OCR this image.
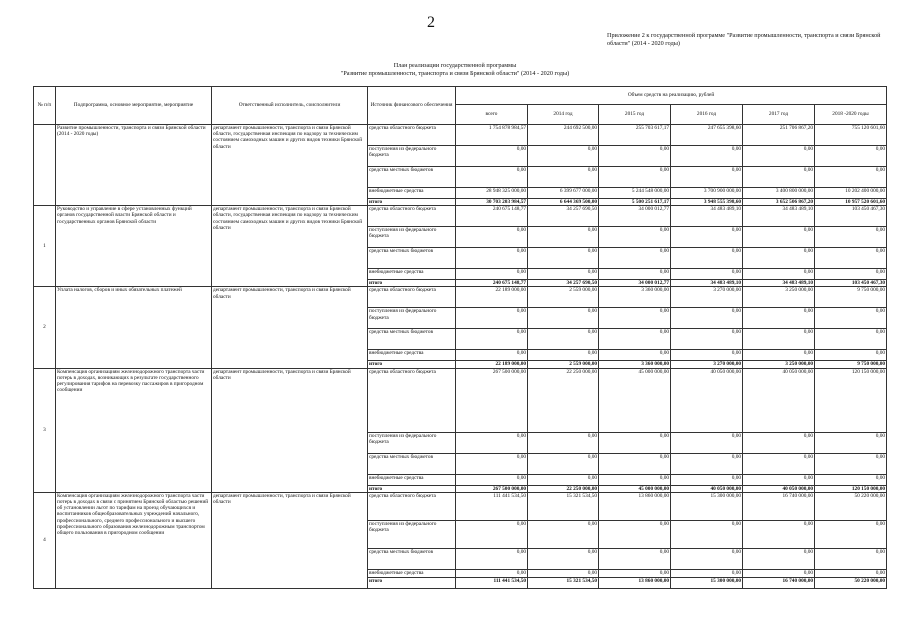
2
Приложение 2 к государственной программе "Развитие промышленности, транспорта и связи Брянской области" (2014 - 2020 годы)
План реализации государственной программы
"Развитие промышленности, транспорта и связи Брянской области" (2014 - 2020 годы)
№ п/п	Подпрограмма, основное мероприятие, мероприятие	Ответственный исполнитель, соисполнители	Источник финансового обеспечения	Объем средств на реализацию, рублей					
				всего	2014 год	2015 год	2016 год	2017 год	2018 -2020 годы
	Развитие промышленности, транспорта и связи Брянской области (2014 - 2020 годы)	департамент промышленности, транспорта и связи Брянской области, государственная инспекция по надзору за техническим состоянием самоходных машин и других видов техники Брянской области	средства областного бюджета	1 754 878 984,57	244 692 500,00	255 703 617,17	247 655 398,60	251 706 867,20	755 120 601,60
			поступления из федерального бюджета	0,00	0,00	0,00	0,00	0,00	0,00
			средства местных бюджетов	0,00	0,00	0,00	0,00	0,00	0,00
			внебюджетные средства	28 948 325 000,00	6 399 677 000,00	5 244 548 000,00	3 700 900 000,00	3 400 800 000,00	10 202 400 000,00
			итого	30 703 203 984,57	6 644 369 500,00	5 500 251 617,17	3 948 555 398,60	3 652 506 867,20	10 957 520 601,60
1	Руководство и управление в сфере установленных функций органов государственной власти Брянской области и государственных органов Брянской области	департамент промышленности, транспорта и связи Брянской области, государственная инспекция по надзору за техническим состоянием самоходных машин и других видов техники Брянской области	средства областного бюджета	240 675 148,77	34 257 690,50	34 000 012,77	34 483 489,10	34 483 489,10	103 450 467,30
			поступления из федерального бюджета	0,00	0,00	0,00	0,00	0,00	0,00
			средства местных бюджетов	0,00	0,00	0,00	0,00	0,00	0,00
			внебюджетные средства	0,00	0,00	0,00	0,00	0,00	0,00
			итого	240 675 148,77	34 257 690,50	34 000 012,77	34 483 489,10	34 483 489,10	103 450 467,30
2	Уплата налогов, сборов и иных обязательных платежей	департамент промышленности, транспорта и связи Брянской области	средства областного бюджета	22 189 000,00	2 559 000,00	3 360 000,00	3 270 000,00	3 250 000,00	9 750 000,00
			поступления из федерального бюджета	0,00	0,00	0,00	0,00	0,00	0,00
			средства местных бюджетов	0,00	0,00	0,00	0,00	0,00	0,00
			внебюджетные средства	0,00	0,00	0,00	0,00	0,00	0,00
			итого	22 189 000,00	2 559 000,00	3 360 000,00	3 270 000,00	3 250 000,00	9 750 000,00
3	Компенсация организациям железнодорожного транспорта части потерь в доходах, возникающих в результате государственного регулирования тарифов на перевозку пассажиров в пригородном сообщении	департамент промышленности, транспорта и связи Брянской области	средства областного бюджета	267 500 000,00	22 250 000,00	45 000 000,00	40 050 000,00	40 050 000,00	120 150 000,00
			поступления из федерального бюджета	0,00	0,00	0,00	0,00	0,00	0,00
			средства местных бюджетов	0,00	0,00	0,00	0,00	0,00	0,00
			внебюджетные средства	0,00	0,00	0,00	0,00	0,00	0,00
			итого	267 500 000,00	22 250 000,00	45 000 000,00	40 050 000,00	40 050 000,00	120 150 000,00
4	Компенсация организациям железнодорожного транспорта части потерь в доходах в связи с принятием Брянской областью решений об установлении льгот по тарифам на проезд обучающихся и воспитанников общеобразовательных учреждений начального, профессионального, среднего профессионального и высшего профессионального образования железнодорожным транспортом общего пользования в пригородном сообщении	департамент промышленности, транспорта и связи Брянской области	средства областного бюджета	111 441 534,50	15 321 534,50	13 860 000,00	15 300 000,00	16 740 000,00	50 220 000,00
			поступления из федерального бюджета	0,00	0,00	0,00	0,00	0,00	0,00
			средства местных бюджетов	0,00	0,00	0,00	0,00	0,00	0,00
			внебюджетные средства	0,00	0,00	0,00	0,00	0,00	0,00
			итого	111 441 534,50	15 321 534,50	13 860 000,00	15 300 000,00	16 740 000,00	50 220 000,00
